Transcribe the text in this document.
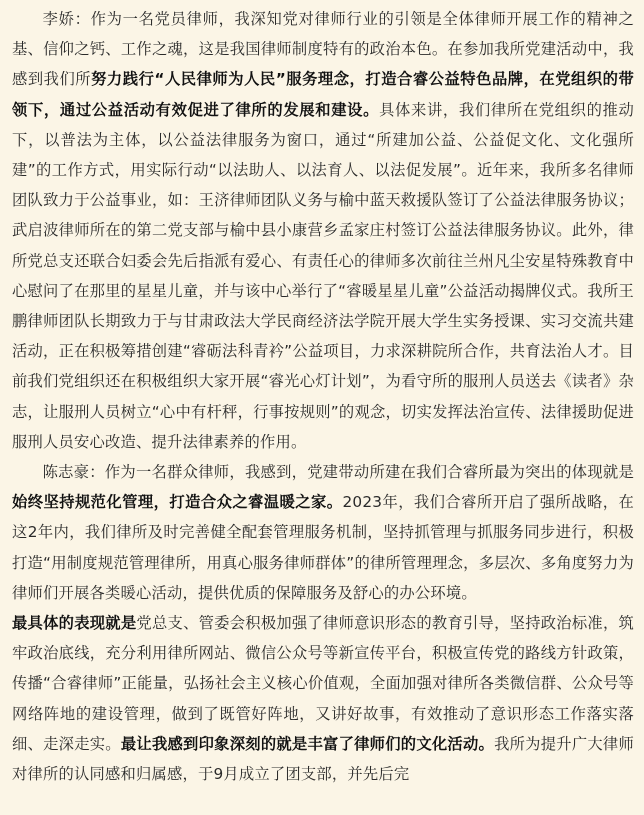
李娇：作为一名党员律师，我深知党对律师行业的引领是全体律师开展工作的精神之基、信仰之钙、工作之魂，这是我国律师制度特有的政治本色。在参加我所党建活动中，我感到我们所努力践行“人民律师为人民”服务理念，打造合睿公益特色品牌，在党组织的带领下，通过公益活动有效促进了律所的发展和建设。具体来讲，我们律所在党组织的推动下，以普法为主体，以公益法律服务为窗口，通过“所建加公益、公益促文化、文化强所建”的工作方式，用实际行动“以法助人、以法育人、以法促发展”。近年来，我所多名律师团队致力于公益事业，如：王济律师团队义务与榆中蓝天救援队签订了公益法律服务协议；武启波律师所在的第二党支部与榆中县小康营乡孟家庄村签订公益法律服务协议。此外，律所党总支还联合妇委会先后指派有爱心、有责任心的律师多次前往兰州凡尘安星特殊教育中心慰问了在那里的星星儿童，并与该中心举行了“睿暖星星儿童”公益活动揭牌仪式。我所王鹏律师团队长期致力于与甘肃政法大学民商经济法学院开展大学生实务授课、实习交流共建活动，正在积极筹措创建“睿砺法科青衿”公益项目，力求深耕院所合作，共育法治人才。目前我们党组织还在积极组织大家开展“睿光心灯计划”，为看守所的服刑人员送去《读者》杂志，让服刑人员树立“心中有杆秤，行事按规则”的观念，切实发挥法治宣传、法律援助促进服刑人员安心改造、提升法律素养的作用。

陈志豪：作为一名群众律师，我感到，党建带动所建在我们合睿所最为突出的体现就是始终坚持规范化管理，打造合众之睿温暖之家。2023年，我们合睿所开启了强所战略，在这2年内，我们律所及时完善健全配套管理服务机制，坚持抓管理与抓服务同步进行，积极打造“用制度规范管理律所，用真心服务律师群体”的律所管理理念，多层次、多角度努力为律师们开展各类暖心活动，提供优质的保障服务及舒心的办公环境。

最具体的表现就是党总支、管委会积极加强了律师意识形态的教育引导，坚持政治标准，筑牢政治底线，充分利用律所网站、微信公众号等新宣传平台，积极宣传党的路线方针政策，传播“合睿律师”正能量，弘扬社会主义核心价值观，全面加强对律所各类微信群、公众号等网络阵地的建设管理，做到了既管好阵地，又讲好故事，有效推动了意识形态工作落实落细、走深走实。最让我感到印象深刻的就是丰富了律师们的文化活动。我所为提升广大律师对律所的认同感和归属感，于9月成立了团支部，并先后完
